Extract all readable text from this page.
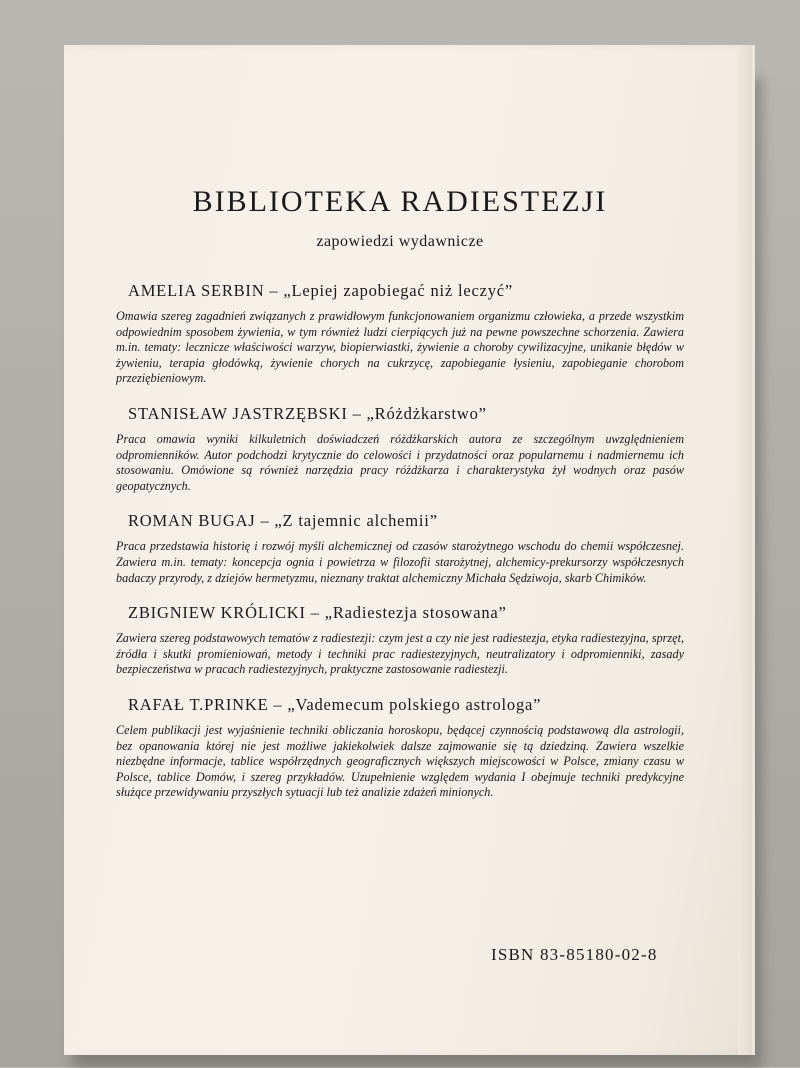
BIBLIOTEKA RADIESTEZJI
zapowiedzi wydawnicze
AMELIA SERBIN – „Lepiej zapobiegać niż leczyć”

Omawia szereg zagadnień związanych z prawidłowym funkcjonowaniem organizmu człowieka, a przede wszystkim odpowiednim sposobem żywienia, w tym również ludzi cierpiących już na pewne powszechne schorzenia. Zawiera m.in. tematy: lecznicze właściwości warzyw, biopierwiastki, żywienie a choroby cywilizacyjne, unikanie błędów w żywieniu, terapia głodówką, żywienie chorych na cukrzycę, zapobieganie łysieniu, zapobieganie chorobom przeziębieniowym.

STANISŁAW JASTRZĘBSKI – „Różdżkarstwo”

Praca omawia wyniki kilkuletnich doświadczeń różdżkarskich autora ze szczególnym uwzględnieniem odpromienników. Autor podchodzi krytycznie do celowości i przydatności oraz popularnemu i nadmiernemu ich stosowaniu. Omówione są również narzędzia pracy różdżkarza i charakterystyka żył wodnych oraz pasów geopatycznych.

ROMAN BUGAJ – „Z tajemnic alchemii”

Praca przedstawia historię i rozwój myśli alchemicznej od czasów starożytnego wschodu do chemii współczesnej. Zawiera m.in. tematy: koncepcja ognia i powietrza w filozofii starożytnej, alchemicy-prekursorzy współczesnych badaczy przyrody, z dziejów hermetyzmu, nieznany traktat alchemiczny Michała Sędziwoja, skarb Chimików.

ZBIGNIEW KRÓLICKI – „Radiestezja stosowana”

Zawiera szereg podstawowych tematów z radiestezji: czym jest a czy nie jest radiestezja, etyka radiestezyjna, sprzęt, źródła i skutki promieniowań, metody i techniki prac radiestezyjnych, neutralizatory i odpromienniki, zasady bezpieczeństwa w pracach radiestezyjnych, praktyczne zastosowanie radiestezji.

RAFAŁ T.PRINKE – „Vademecum polskiego astrologa”

Celem publikacji jest wyjaśnienie techniki obliczania horoskopu, będącej czynnością podstawową dla astrologii, bez opanowania której nie jest możliwe jakiekolwiek dalsze zajmowanie się tą dziedziną. Zawiera wszelkie niezbędne informacje, tablice współrzędnych geograficznych większych miejscowości w Polsce, zmiany czasu w Polsce, tablice Domów, i szereg przykładów. Uzupełnienie względem wydania I obejmuje techniki predykcyjne służące przewidywaniu przyszłych sytuacji lub też analizie zdażeń minionych.

ISBN 83-85180-02-8
